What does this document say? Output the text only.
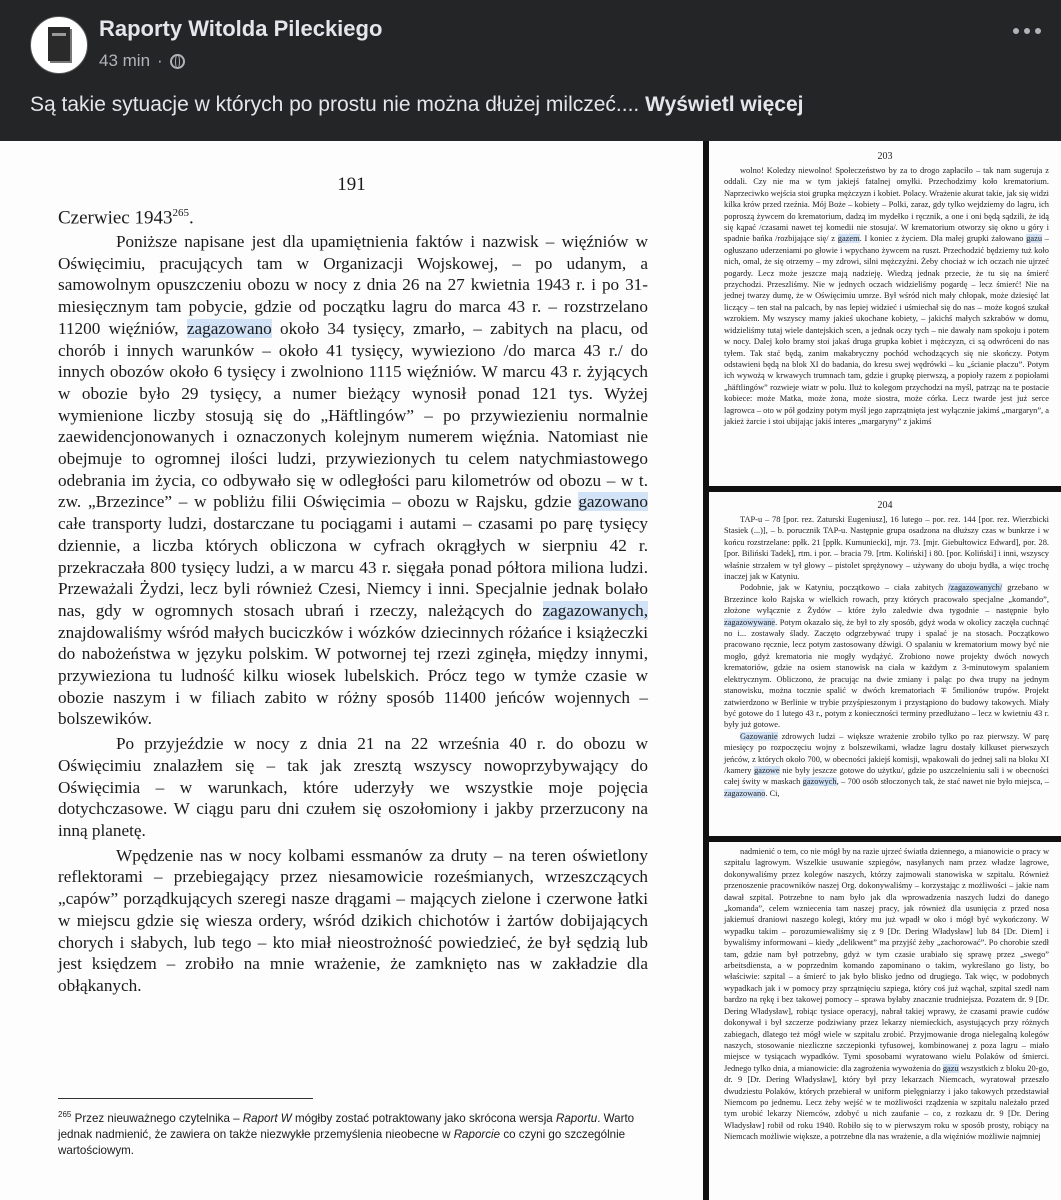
Raporty Witolda Pileckiego
43 min ·
Są takie sytuacje w których po prostu nie można dłużej milczeć.... Wyświetl więcej
191
Czerwiec 1943$^{265}$.

Poniższe napisane jest dla upamiętnienia faktów i nazwisk – więźniów w Oświęcimiu, pracujących tam w Organizacji Wojskowej, – po udanym, a samowolnym opuszczeniu obozu w nocy z dnia 26 na 27 kwietnia 1943 r. i po 31-miesięcznym tam pobycie, gdzie od początku lagru do marca 43 r. – rozstrzelano 11200 więźniów, zagazowano około 34 tysięcy, zmarło, – zabitych na placu, od chorób i innych warunków – około 41 tysięcy, wywieziono /do marca 43 r./ do innych obozów około 6 tysięcy i zwolniono 1115 więźniów. W marcu 43 r. żyjących w obozie było 29 tysięcy, a numer bieżący wynosił ponad 121 tys. Wyżej wymienione liczby stosują się do „Häftlingów” – po przywiezieniu normalnie zaewidencjonowanych i oznaczonych kolejnym numerem więźnia. Natomiast nie obejmuje to ogromnej ilości ludzi, przywiezionych tu celem natychmiastowego odebrania im życia, co odbywało się w odległości paru kilometrów od obozu – w t. zw. „Brzezince” – w pobliżu filii Oświęcimia – obozu w Rajsku, gdzie gazowano całe transporty ludzi, dostarczane tu pociągami i autami – czasami po parę tysięcy dziennie, a liczba których obliczona w cyfrach okrągłych w sierpniu 42 r. przekraczała 800 tysięcy ludzi, a w marcu 43 r. sięgała ponad półtora miliona ludzi. Przeważali Żydzi, lecz byli również Czesi, Niemcy i inni. Specjalnie jednak bolało nas, gdy w ogromnych stosach ubrań i rzeczy, należących do zagazowanych, znajdowaliśmy wśród małych buciczków i wózków dziecinnych różańce i książeczki do nabożeństwa w języku polskim. W potwornej tej rzezi zginęła, między innymi, przywieziona tu ludność kilku wiosek lubelskich. Prócz tego w tymże czasie w obozie naszym i w filiach zabito w różny sposób 11400 jeńców wojennych – bolszewików.

Po przyjeździe w nocy z dnia 21 na 22 września 40 r. do obozu w Oświęcimiu znalazłem się – tak jak zresztą wszyscy nowoprzybywający do Oświęcimia – w warunkach, które uderzyły we wszystkie moje pojęcia dotychczasowe. W ciągu paru dni czułem się oszołomiony i jakby przerzucony na inną planetę.

Wpędzenie nas w nocy kolbami essmanów za druty – na teren oświetlony reflektorami – przebiegający przez niesamowicie roześmianych, wrzeszczących „capów” porządkujących szeregi nasze drągami – mających zielone i czerwone łatki w miejscu gdzie się wiesza ordery, wśród dzikich chichotów i żartów dobijających chorych i słabych, lub tego – kto miał nieostrożność powiedzieć, że był sędzią lub jest księdzem – zrobiło na mnie wrażenie, że zamknięto nas w zakładzie dla obłąkanych.

$^{265}$ Przez nieuważnego czytelnika – Raport W mógłby zostać potraktowany jako skrócona wersja Raportu. Warto jednak nadmienić, że zawiera on także niezwykłe przemyślenia nieobecne w Raporcie co czyni go szczególnie wartościowym.
203

wolno! Koledzy niewolno! Społeczeństwo by za to drogo zapłaciło – tak nam sugeruja z oddali. Czy nie ma w tym jakiejś fatalnej omyłki. Przechodzimy koło krematorium. Naprzeciwko wejścia stoi grupka mężczyzn i kobiet. Polacy. Wrażenie akurat takie, jak się widzi kilka krów przed rzeźnia. Mój Boże – kobiety – Polki, zaraz, gdy tylko wejdziemy do lagru, ich poproszą żywcem do krematorium, dadzą im mydełko i ręcznik, a one i oni będą sądzili, że idą się kąpać /czasami nawet tej komedii nie stosuja/. W krematorium otworzy się okno u góry i spadnie bańka /rozbijające się/ z gazem. I koniec z życiem. Dla małej grupki żałowano gazu – ogłuszano uderzeniami po głowie i wpychano żywcem na ruszt. Przechodzić będziemy tuż koło nich, omal, że się otrzemy – my zdrowi, silni mężczyźni. Żeby chociaż w ich oczach nie ujrzeć pogardy. Lecz może jeszcze mają nadzieję. Wiedzą jednak przecie, że tu się na śmierć przychodzi. Przeszliśmy. Nie w jednych oczach widzieliśmy pogardę – lecz śmierć! Nie na jednej twarzy dumę, że w Oświęcimiu umrze. Był wśród nich mały chłopak, może dziesięć lat liczący – ten stał na palcach, by nas lepiej widzieć i uśmiechał się do nas – może kogoś szukał wzrokiem. My wszyscy mamy jakieś ukochane kobiety, – jakichś małych szkrabów w domu, widzieliśmy tutaj wiele dantejskich scen, a jednak oczy tych – nie dawały nam spokoju i potem w nocy. Dalej koło bramy stoi jakaś druga grupka kobiet i mężczyzn, ci są odwróceni do nas tyłem. Tak stać będą, zanim makabryczny pochód wchodzących się nie skończy. Potym odstawieni będą na blok XI do badania, do kresu swej wędrówki – ku „ścianie płaczu”. Potym ich wywożą w krwawych trumnach tam, gdzie i grupkę pierwszą, a popioły razem z popiołami „häftlingów” rozwieje wiatr w polu. Iluż to kolegom przychodzi na myśl, patrząc na te postacie kobiece: może Matka, może żona, może siostra, może córka. Lecz twarde jest już serce lagrowca – oto w pół godziny potym myśl jego zaprzątnięta jest wyłącznie jakimś „margaryn”, a jakież żarcie i stoi ubijając jakiś interes „margaryny” z jakimś

204

TAP-u – 78 [por. rez. Zaturski Eugeniusz], 16 lutego – por. rez. 144 [por. rez. Wierzbicki Stasiek (...)], – b. porucznik TAP-u. Następnie grupa osadzona na dłuższy czas w bunkrze i w końcu rozstrzelane: ppłk. 21 [ppłk. Kumuniecki], mjr. 73. [mjr. Giebułtowicz Edward], por. 28. [por. Biliński Tadek], rtm. i por. – bracia 79. [rtm. Koliński] i 80. [por. Koliński] i inni, wszyscy właśnie strzałem w tył głowy – pistolet sprężynowy – używany do uboju bydła, a więc trochę inaczej jak w Katyniu.

Podobnie, jak w Katyniu, początkowo – ciała zabitych /zagazowanych/ grzebano w Brzezince koło Rajska w wielkich rowach, przy których pracowało specjalne „komando”, złożone wyłącznie z Żydów – które żyło zaledwie dwa tygodnie – następnie było zagazowywane. Potym okazało się, że był to zły sposób, gdyż woda w okolicy zaczęła cuchnąć no i... zostawały ślady. Zaczęto odgrzebywać trupy i spalać je na stosach. Początkowo pracowano ręcznie, lecz potym zastosowany dźwigi. O spalaniu w krematorium mowy być nie mogło, gdyż krematoria nie mogły wydążyć. Zrobiono nowe projekty dwóch nowych krematoriów, gdzie na osiem stanowisk na ciała w każdym z 3-minutowym spalaniem elektrycznym. Obliczono, że pracując na dwie zmiany i paląc po dwa trupy na jednym stanowisku, można tocznie spalić w dwóch krematoriach ∓ 5milionów trupów. Projekt zatwierdzono w Berlinie w trybie przyśpieszonym i przystąpiono do budowy takowych. Miały być gotowe do 1 lutego 43 r., potym z konieczności terminy przedłużano – lecz w kwietniu 43 r. były już gotowe.

Gazowanie zdrowych ludzi – większe wrażenie zrobiło tylko po raz pierwszy. W parę miesięcy po rozpoczęciu wojny z bolszewikami, władze lagru dostały kilkuset pierwszych jeńców, z których około 700, w obecności jakiejś komisji, wpakowali do jednej sali na bloku XI /kamery gazowe nie były jeszcze gotowe do użytku/, gdzie po uszczelnieniu sali i w obecności całej świty w maskach gazowych, – 700 osób stłoczonych tak, że stać nawet nie było miejsca, – zagazowano. Ci,

nadmienić o tem, co nie mógł by na razie ujrzeć światła dziennego, a mianowicie o pracy w szpitalu lagrowym. Wszelkie usuwanie szpiegów, nasyłanych nam przez władze lagrowe, dokonywaliśmy przez kolegów naszych, którzy zajmowali stanowiska w szpitalu. Również przenoszenie pracowników naszej Org. dokonywaliśmy – korzystając z możliwości – jakie nam dawał szpital. Potrzebne to nam było jak dla wprowadzenia naszych ludzi do danego „komanda”, celem wzniecenia tam naszej pracy, jak również dla usunięcia z przed nosa jakiemuś draniowi naszego kolegi, który mu już wpadł w oko i mógł być wykończony. W wypadku takim – porozumiewaliśmy się z 9 [Dr. Dering Władysław] lub 84 [Dr. Diem] i bywaliśmy informowani – kiedy „delikwent” ma przyjść żeby „zachorować”. Po chorobie szedł tam, gdzie nam był potrzebny, gdyż w tym czasie urabiało się sprawę przez „swego” arbeitsdiensta, a w poprzednim komando zapominano o takim, wykreślano go listy, bo właściwie: szpital – a śmierć to jak było blisko jedno od drugiego. Tak więc, w podobnych wypadkach jak i w pomocy przy sprzątnięciu szpiega, który coś już wąchał, szpital szedł nam bardzo na rękę i bez takowej pomocy – sprawa byłaby znacznie trudniejsza. Pozatem dr. 9 [Dr. Dering Władysław], robiąc tysiace operacyj, nabrał takiej wprawy, że czasami prawie cudów dokonywał i był szczerze podziwiany przez lekarzy niemieckich, asystujących przy różnych zabiegach, dlatego też mógł wiele w szpitalu zrobić. Przyjmowanie droga nielegalną kolegów naszych, stosowanie niezliczne szczepionki tyfusowej, kombinowanej z poza lagru – miało miejsce w tysiącach wypadków. Tymi sposobami wyratowano wielu Polaków od śmierci. Jednego tylko dnia, a mianowicie: dla zagrożenia wywożenia do gazu wszystkich z bloku 20-go, dr. 9 [Dr. Dering Władysław], który był przy lekarzach Niemcach, wyratował przeszło dwudziestu Polaków, których przebierał w uniform pielęgniarzy i jako takowych przedstawiał Niemcom po jednemu. Lecz żeby wejść w te możliwości rządzenia w szpitalu należało przed tym urobić lekarzy Niemców, zdobyć u nich zaufanie – co, z rozkazu dr. 9 [Dr. Dering Władysław] robił od roku 1940. Robiło się to w pierwszym roku w sposób prosty, robiący na Niemcach możliwie większe, a potrzebne dla nas wrażenie, a dla więźniów możliwie najmniej
